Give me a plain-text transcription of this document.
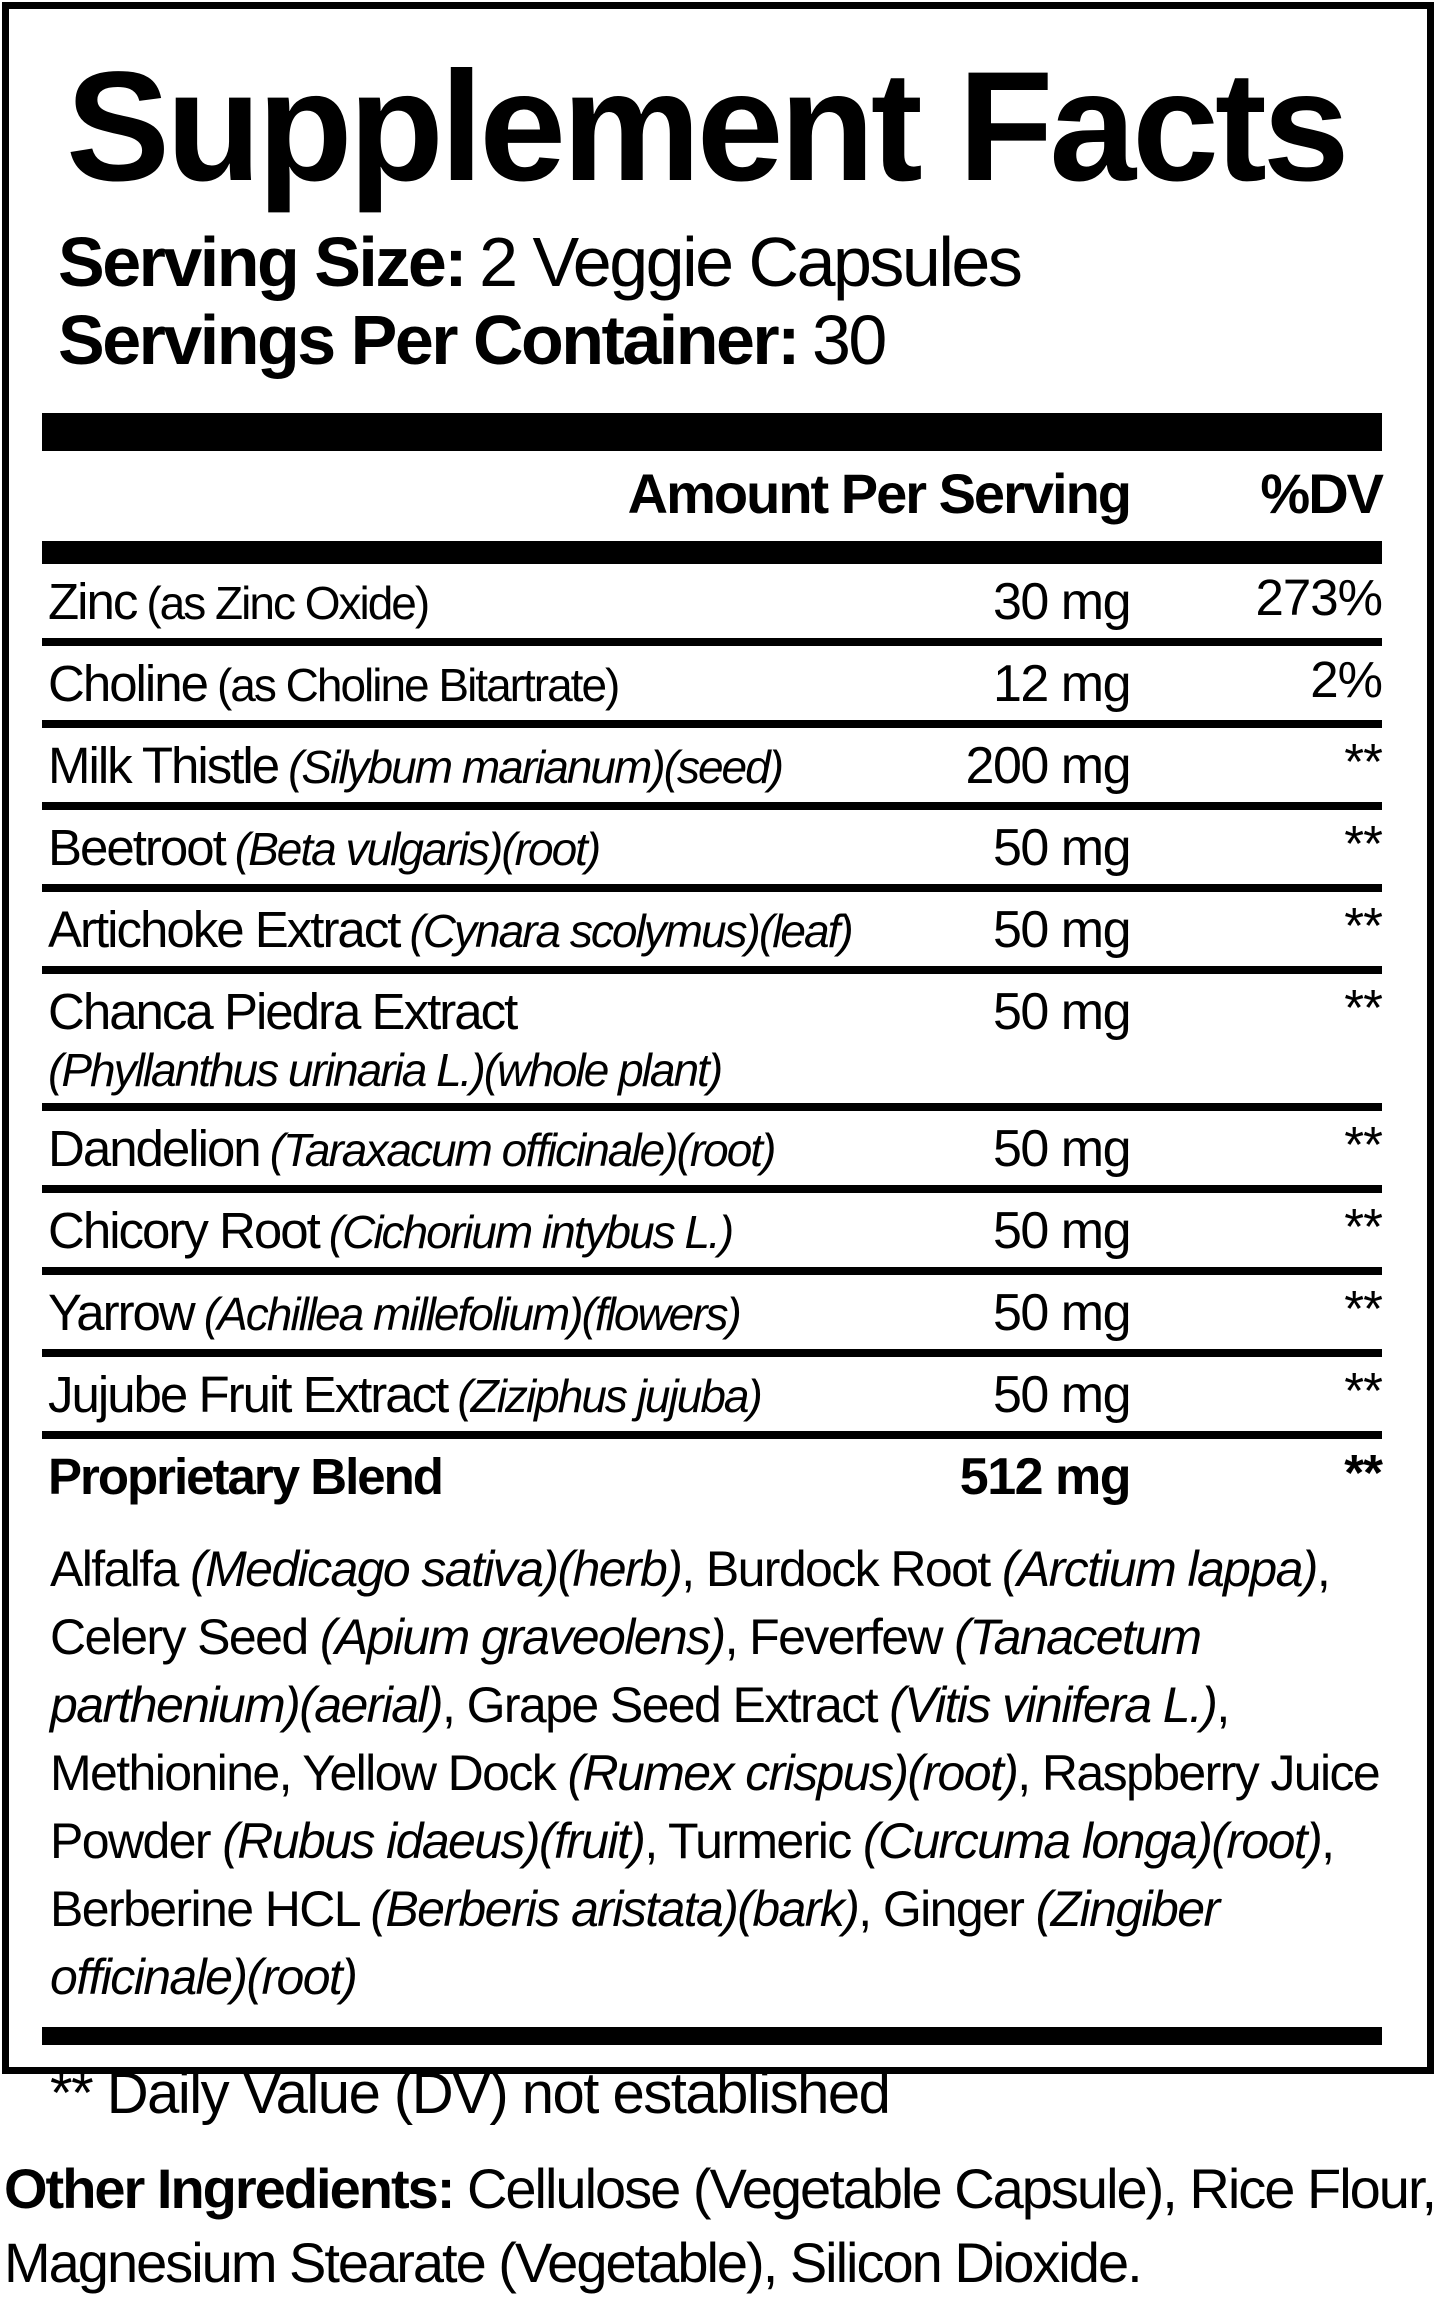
Supplement Facts
Serving Size: 2 Veggie Capsules
Servings Per Container: 30
Amount Per Serving	%DV
Zinc (as Zinc Oxide)	30 mg	273%
Choline (as Choline Bitartrate)	12 mg	2%
Milk Thistle (Silybum marianum)(seed)	200 mg	**
Beetroot (Beta vulgaris)(root)	50 mg	**
Artichoke Extract (Cynara scolymus)(leaf)	50 mg	**
Chanca Piedra Extract
(Phyllanthus urinaria L.)(whole plant)
50 mg	**
Dandelion (Taraxacum officinale)(root)	50 mg	**
Chicory Root (Cichorium intybus L.)	50 mg	**
Yarrow (Achillea millefolium)(flowers)	50 mg	**
Jujube Fruit Extract (Ziziphus jujuba)	50 mg	**
Proprietary Blend	512 mg	**

Alfalfa (Medicago sativa)(herb), Burdock Root (Arctium lappa), Celery Seed (Apium graveolens), Feverfew (Tanacetum parthenium)(aerial), Grape Seed Extract (Vitis vinifera L.), Methionine, Yellow Dock (Rumex crispus)(root), Raspberry Juice Powder (Rubus idaeus)(fruit), Turmeric (Curcuma longa)(root), Berberine HCL (Berberis aristata)(bark), Ginger (Zingiber officinale)(root)

** Daily Value (DV) not established

Other Ingredients: Cellulose (Vegetable Capsule), Rice Flour, Magnesium Stearate (Vegetable), Silicon Dioxide.
